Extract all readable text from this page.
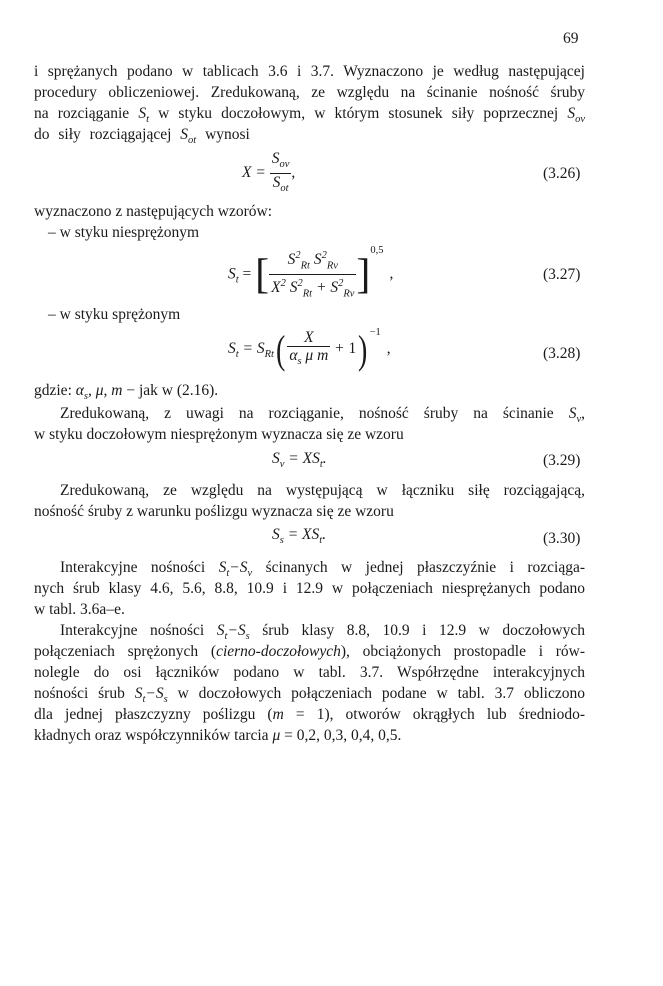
69
i sprężanych podano w tablicach 3.6 i 3.7. Wyznaczono je według następującej
procedury obliczeniowej. Zredukowaną, ze względu na ścinanie nośność śruby
na rozciąganie $S_t$ w styku doczołowym, w którym stosunek siły poprzecznej $S_{ov}$
do siły rozciągającej $S_{ot}$ wynosi
$X = \frac{S_{ov}}{S_{ot}}$ ,	(3.26)
wyznaczono z następujących wzorów:
– w styku niesprężonym
$S_t$ = [ $\frac{S^2_{Rt} S^2_{Rv}}{X^2 S^2_{Rt} + S^2_{Rv}} ]0,5$,	(3.27)
– w styku sprężonym
$S_t = S_{Rt}( \frac{X}{\alpha_s \mu m} + 1) -1$,	(3.28)
gdzie: $\alpha_s$, μ, m − jak w (2.16).
Zredukowaną, z uwagi na rozciąganie, nośność śruby na ścinanie $S_v$,
w styku doczołowym niesprężonym wyznacza się ze wzoru
$S_v = XS_t$.	(3.29)
Zredukowaną, ze względu na występującą w łączniku siłę rozciągającą,
nośność śruby z warunku poślizgu wyznacza się ze wzoru
$S_s = XS_t$.	(3.30)
Interakcyjne nośności $S_t-S_v$ ścinanych w jednej płaszczyźnie i rozciąga-
nych śrub klasy 4.6, 5.6, 8.8, 10.9 i 12.9 w połączeniach niesprężanych podano
w tabl. 3.6a–e.
Interakcyjne nośności $S_t-S_s$ śrub klasy 8.8, 10.9 i 12.9 w doczołowych
połączeniach sprężonych (cierno-doczołowych), obciążonych prostopadle i rów-
nolegle do osi łączników podano w tabl. 3.7. Współrzędne interakcyjnych
nośności śrub $S_t-S_s$ w doczołowych połączeniach podane w tabl. 3.7 obliczono
dla jednej płaszczyzny poślizgu (m = 1), otworów okrągłych lub średniodo-
kładnych oraz współczynników tarcia μ = 0,2, 0,3, 0,4, 0,5.
